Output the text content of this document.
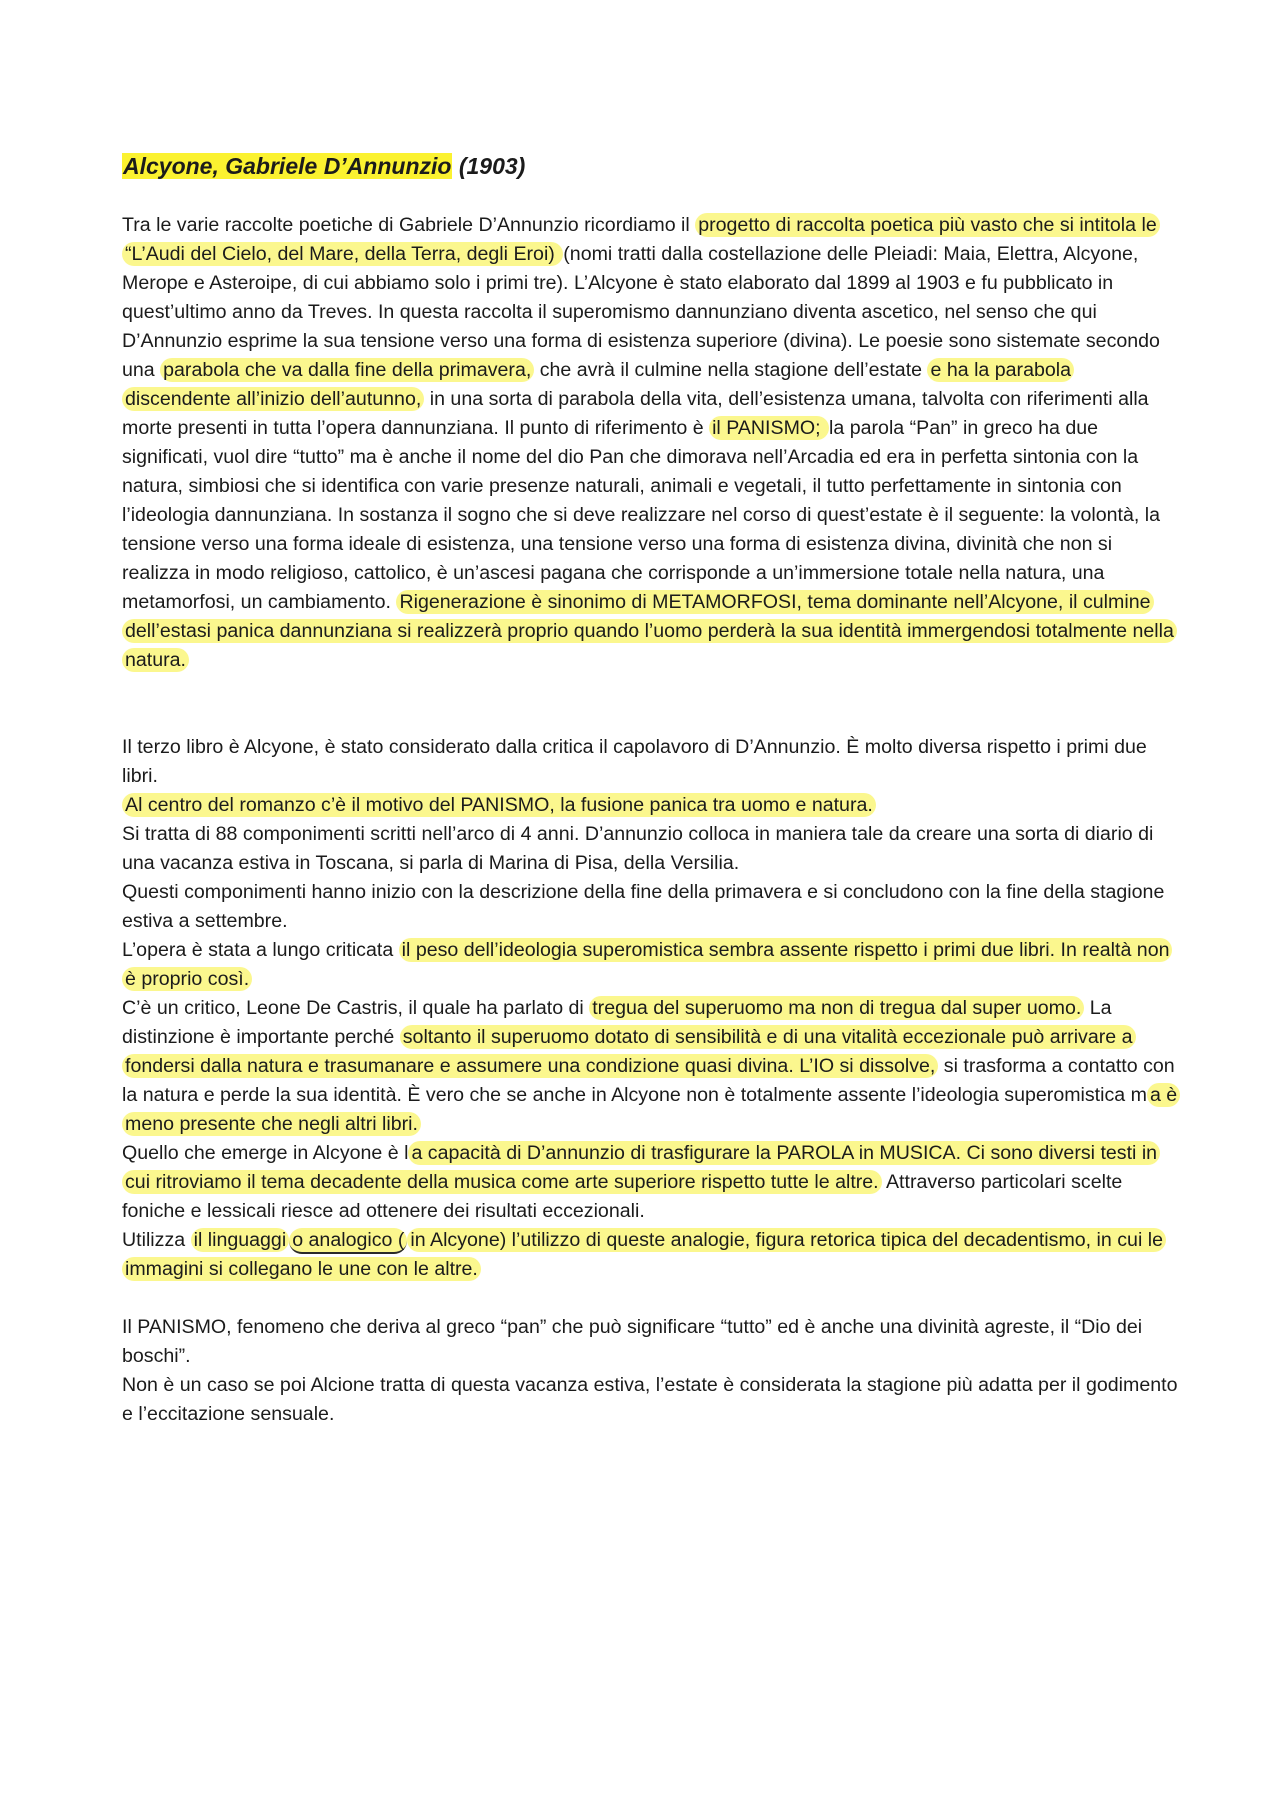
Alcyone, Gabriele D’Annunzio (1903)

Tra le varie raccolte poetiche di Gabriele D’Annunzio ricordiamo il progetto di raccolta poetica più vasto che si intitola le “L’Audi del Cielo, del Mare, della Terra, degli Eroi) (nomi tratti dalla costellazione delle Pleiadi: Maia, Elettra, Alcyone, Merope e Asteroipe, di cui abbiamo solo i primi tre). L’Alcyone è stato elaborato dal 1899 al 1903 e fu pubblicato in quest’ultimo anno da Treves. In questa raccolta il superomismo dannunziano diventa ascetico, nel senso che qui D’Annunzio esprime la sua tensione verso una forma di esistenza superiore (divina). Le poesie sono sistemate secondo una parabola che va dalla fine della primavera, che avrà il culmine nella stagione dell’estate e ha la parabola discendente all’inizio dell’autunno, in una sorta di parabola della vita, dell’esistenza umana, talvolta con riferimenti alla morte presenti in tutta l’opera dannunziana. Il punto di riferimento è il PANISMO; la parola “Pan” in greco ha due significati, vuol dire “tutto” ma è anche il nome del dio Pan che dimorava nell’Arcadia ed era in perfetta sintonia con la natura, simbiosi che si identifica con varie presenze naturali, animali e vegetali, il tutto perfettamente in sintonia con l’ideologia dannunziana. In sostanza il sogno che si deve realizzare nel corso di quest’estate è il seguente: la volontà, la tensione verso una forma ideale di esistenza, una tensione verso una forma di esistenza divina, divinità che non si realizza in modo religioso, cattolico, è un’ascesi pagana che corrisponde a un’immersione totale nella natura, una metamorfosi, un cambiamento. Rigenerazione è sinonimo di METAMORFOSI, tema dominante nell’Alcyone, il culmine dell’estasi panica dannunziana si realizzerà proprio quando l’uomo perderà la sua identità immergendosi totalmente nella natura.

Il terzo libro è Alcyone, è stato considerato dalla critica il capolavoro di D’Annunzio. È molto diversa rispetto i primi due libri.

Al centro del romanzo c’è il motivo del PANISMO, la fusione panica tra uomo e natura.

Si tratta di 88 componimenti scritti nell’arco di 4 anni. D’annunzio colloca in maniera tale da creare una sorta di diario di una vacanza estiva in Toscana, si parla di Marina di Pisa, della Versilia.

Questi componimenti hanno inizio con la descrizione della fine della primavera e si concludono con la fine della stagione estiva a settembre.

L’opera è stata a lungo criticata il peso dell’ideologia superomistica sembra assente rispetto i primi due libri. In realtà non è proprio così.

C’è un critico, Leone De Castris, il quale ha parlato di tregua del superuomo ma non di tregua dal super uomo. La distinzione è importante perché soltanto il superuomo dotato di sensibilità e di una vitalità eccezionale può arrivare a fondersi dalla natura e trasumanare e assumere una condizione quasi divina. L’IO si dissolve, si trasforma a contatto con la natura e perde la sua identità. È vero che se anche in Alcyone non è totalmente assente l’ideologia superomistica m a è meno presente che negli altri libri.

Quello che emerge in Alcyone è l a capacità di D’annunzio di trasfigurare la PAROLA in MUSICA. Ci sono diversi testi in cui ritroviamo il tema decadente della musica come arte superiore rispetto tutte le altre. Attraverso particolari scelte foniche e lessicali riesce ad ottenere dei risultati eccezionali.

Utilizza il linguaggi o analogico ( in Alcyone) l’utilizzo di queste analogie, figura retorica tipica del decadentismo, in cui le immagini si collegano le une con le altre.

Il PANISMO, fenomeno che deriva al greco “pan” che può significare “tutto” ed è anche una divinità agreste, il “Dio dei boschi”.

Non è un caso se poi Alcione tratta di questa vacanza estiva, l’estate è considerata la stagione più adatta per il godimento e l’eccitazione sensuale.
